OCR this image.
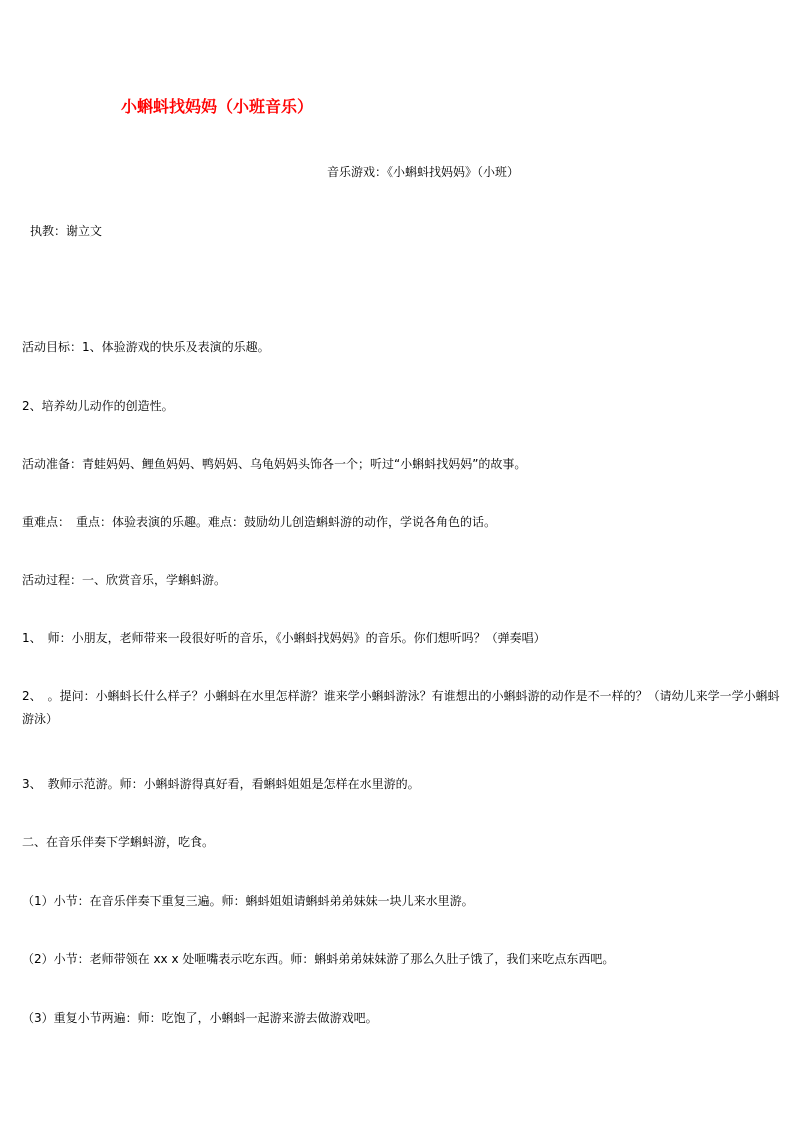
小蝌蚪找妈妈（小班音乐）
音乐游戏：《小蝌蚪找妈妈》（小班）
执教：谢立文
活动目标：1、体验游戏的快乐及表演的乐趣。
2、培养幼儿动作的创造性。
活动准备：青蛙妈妈、鲤鱼妈妈、鸭妈妈、乌龟妈妈头饰各一个；听过“小蝌蚪找妈妈”的故事。
重难点：　重点：体验表演的乐趣。难点：鼓励幼儿创造蝌蚪游的动作，学说各角色的话。
活动过程：一、欣赏音乐，学蝌蚪游。
1、　师：小朋友，老师带来一段很好听的音乐，《小蝌蚪找妈妈》的音乐。你们想听吗？（弹奏唱）
2、　。提问：小蝌蚪长什么样子？小蝌蚪在水里怎样游？谁来学小蝌蚪游泳？有谁想出的小蝌蚪游的动作是不一样的？（请幼儿来学一学小蝌蚪游泳）
3、　教师示范游。师：小蝌蚪游得真好看，看蝌蚪姐姐是怎样在水里游的。
二、在音乐伴奏下学蝌蚪游，吃食。
（1）小节：在音乐伴奏下重复三遍。师：蝌蚪姐姐请蝌蚪弟弟妹妹一块儿来水里游。
（2）小节：老师带领在 xx x 处咂嘴表示吃东西。师：蝌蚪弟弟妹妹游了那么久肚子饿了，我们来吃点东西吧。
（3）重复小节两遍：师：吃饱了，小蝌蚪一起游来游去做游戏吧。
